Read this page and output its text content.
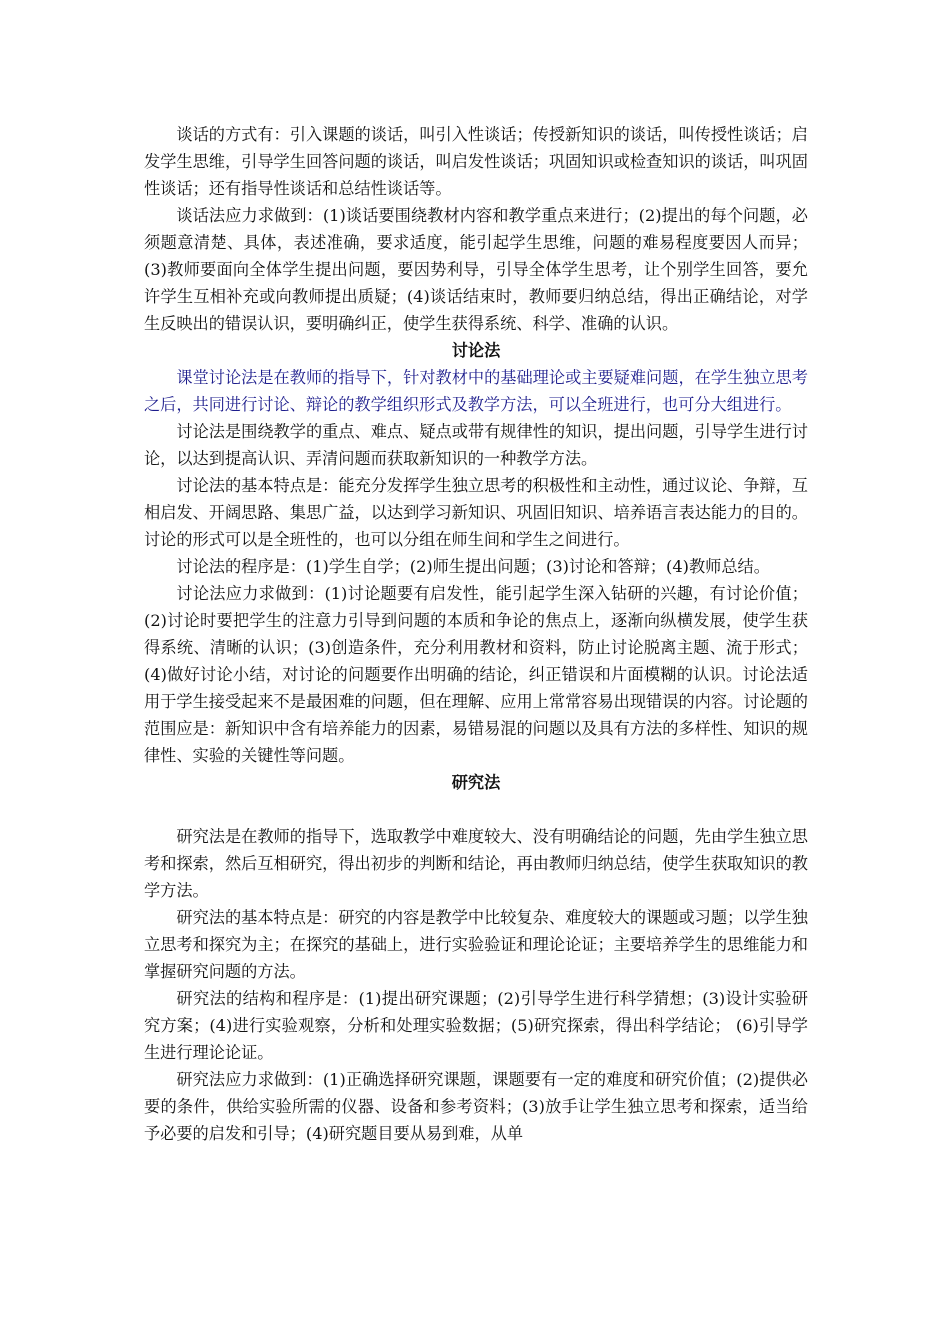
谈话的方式有：引入课题的谈话，叫引入性谈话；传授新知识的谈话，叫传授性谈话；启发学生思维，引导学生回答问题的谈话，叫启发性谈话；巩固知识或检查知识的谈话，叫巩固性谈话；还有指导性谈话和总结性谈话等。

谈话法应力求做到：(1)谈话要围绕教材内容和教学重点来进行；(2)提出的每个问题，必须题意清楚、具体，表述准确，要求适度，能引起学生思维，问题的难易程度要因人而异；(3)教师要面向全体学生提出问题，要因势利导，引导全体学生思考，让个别学生回答，要允许学生互相补充或向教师提出质疑；(4)谈话结束时，教师要归纳总结，得出正确结论，对学生反映出的错误认识，要明确纠正，使学生获得系统、科学、准确的认识。

讨论法

课堂讨论法是在教师的指导下，针对教材中的基础理论或主要疑难问题，在学生独立思考之后，共同进行讨论、辩论的教学组织形式及教学方法，可以全班进行，也可分大组进行。

讨论法是围绕教学的重点、难点、疑点或带有规律性的知识，提出问题，引导学生进行讨论，以达到提高认识、弄清问题而获取新知识的一种教学方法。

讨论法的基本特点是：能充分发挥学生独立思考的积极性和主动性，通过议论、争辩，互相启发、开阔思路、集思广益，以达到学习新知识、巩固旧知识、培养语言表达能力的目的。讨论的形式可以是全班性的，也可以分组在师生间和学生之间进行。

讨论法的程序是：(1)学生自学；(2)师生提出问题；(3)讨论和答辩；(4)教师总结。

讨论法应力求做到：(1)讨论题要有启发性，能引起学生深入钻研的兴趣，有讨论价值；(2)讨论时要把学生的注意力引导到问题的本质和争论的焦点上，逐渐向纵横发展，使学生获得系统、清晰的认识；(3)创造条件，充分利用教材和资料，防止讨论脱离主题、流于形式；(4)做好讨论小结，对讨论的问题要作出明确的结论，纠正错误和片面模糊的认识。讨论法适用于学生接受起来不是最困难的问题，但在理解、应用上常常容易出现错误的内容。讨论题的范围应是：新知识中含有培养能力的因素，易错易混的问题以及具有方法的多样性、知识的规律性、实验的关键性等问题。

研究法

研究法是在教师的指导下，选取教学中难度较大、没有明确结论的问题，先由学生独立思考和探索，然后互相研究，得出初步的判断和结论，再由教师归纳总结，使学生获取知识的教学方法。

研究法的基本特点是：研究的内容是教学中比较复杂、难度较大的课题或习题；以学生独立思考和探究为主；在探究的基础上，进行实验验证和理论论证；主要培养学生的思维能力和掌握研究问题的方法。

研究法的结构和程序是：(1)提出研究课题；(2)引导学生进行科学猜想；(3)设计实验研究方案；(4)进行实验观察，分析和处理实验数据；(5)研究探索，得出科学结论； (6)引导学生进行理论论证。

研究法应力求做到：(1)正确选择研究课题，课题要有一定的难度和研究价值；(2)提供必要的条件，供给实验所需的仪器、设备和参考资料；(3)放手让学生独立思考和探索，适当给予必要的启发和引导；(4)研究题目要从易到难，从单
